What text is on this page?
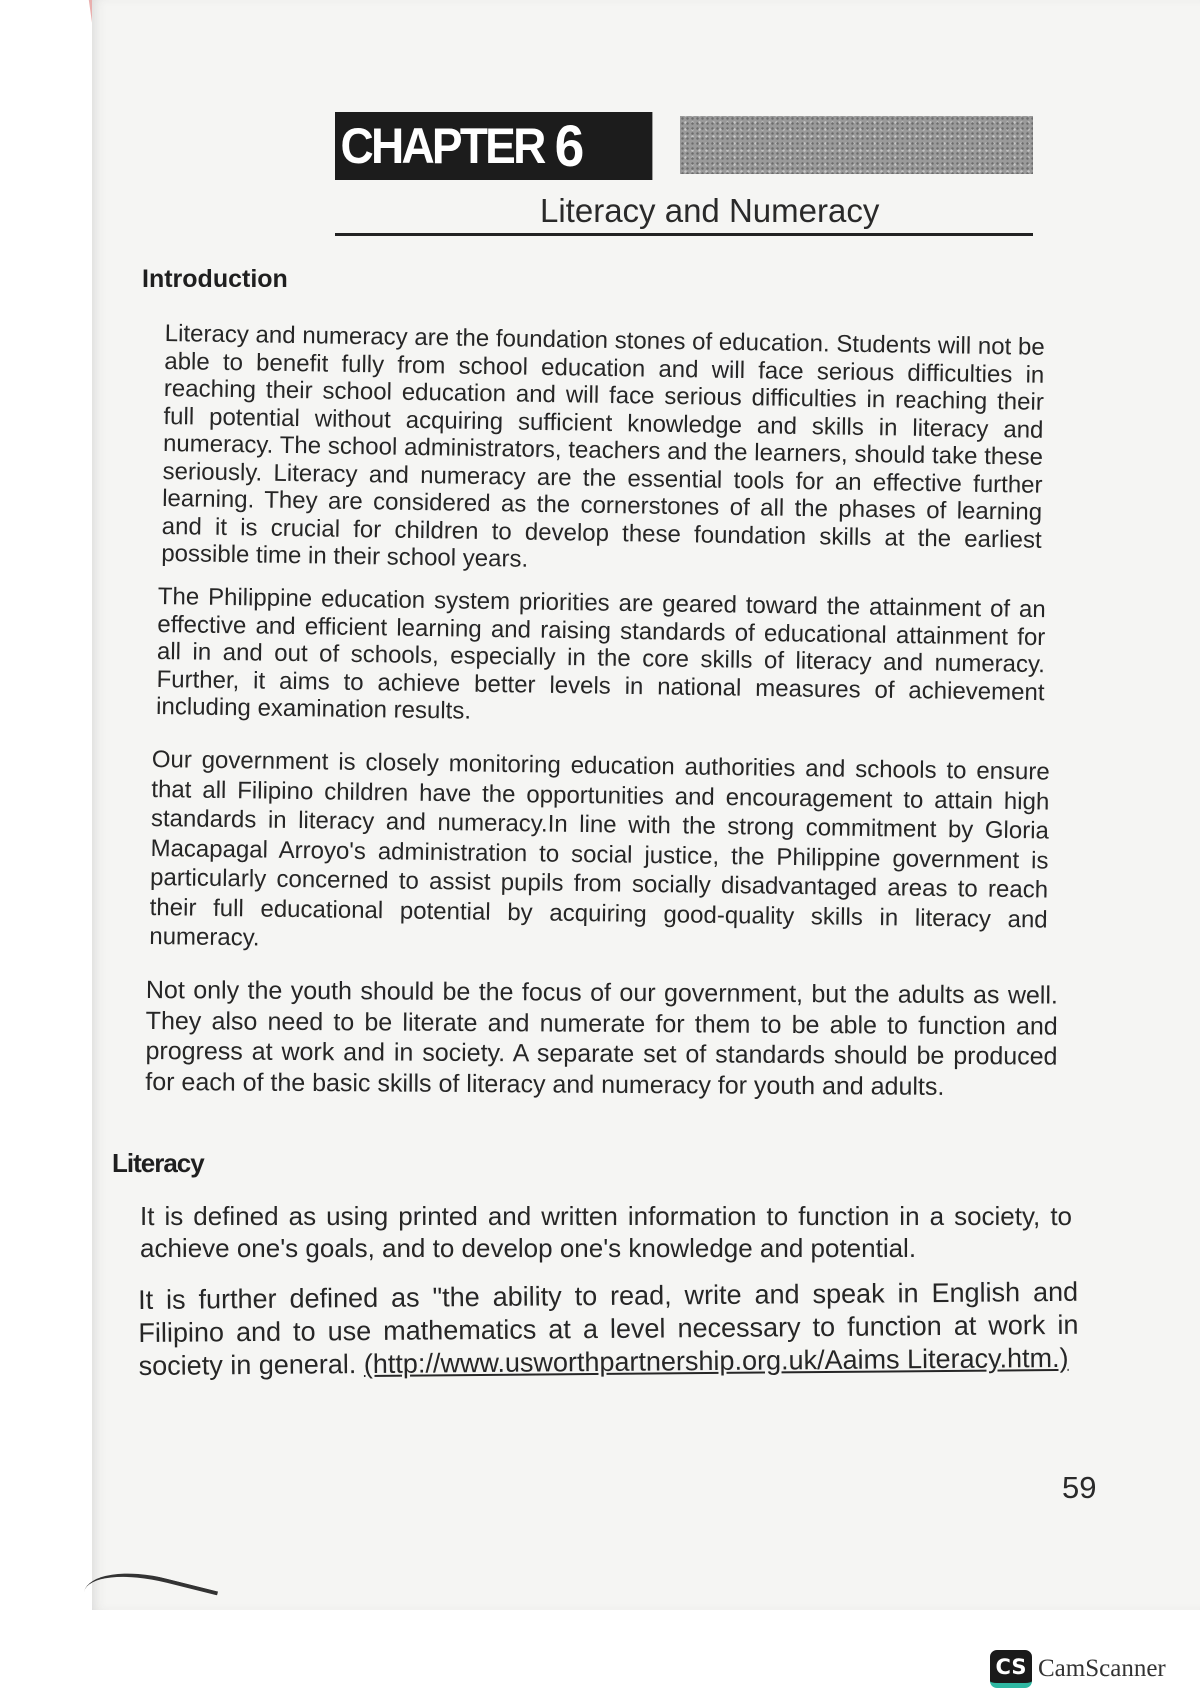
CHAPTER 6
Literacy and Numeracy
Introduction

Literacy and numeracy are the foundation stones of education. Students will not be able to benefit fully from school education and will face serious difficulties in reaching their school education and will face serious difficulties in reaching their full potential without acquiring sufficient knowledge and skills in literacy and numeracy. The school administrators, teachers and the learners, should take these seriously. Literacy and numeracy are the essential tools for an effective further learning. They are considered as the cornerstones of all the phases of learning and it is crucial for children to develop these foundation skills at the earliest possible time in their school years.

The Philippine education system priorities are geared toward the attainment of an effective and efficient learning and raising standards of educational attainment for all in and out of schools, especially in the core skills of literacy and numeracy. Further, it aims to achieve better levels in national measures of achievement including examination results.

Our government is closely monitoring education authorities and schools to ensure that all Filipino children have the opportunities and encouragement to attain high standards in literacy and numeracy.In line with the strong commitment by Gloria Macapagal Arroyo's administration to social justice, the Philippine government is particularly concerned to assist pupils from socially disadvantaged areas to reach their full educational potential by acquiring good-quality skills in literacy and numeracy.

Not only the youth should be the focus of our government, but the adults as well. They also need to be literate and numerate for them to be able to function and progress at work and in society. A separate set of standards should be produced for each of the basic skills of literacy and numeracy for youth and adults.

Literacy

It is defined as using printed and written information to function in a society, to achieve one's goals, and to develop one's knowledge and potential.

It is further defined as "the ability to read, write and speak in English and Filipino and to use mathematics at a level necessary to function at work in society in general. (http://www.usworthpartnership.org.uk/Aaims Literacy.htm.)

59
CS CamScanner
